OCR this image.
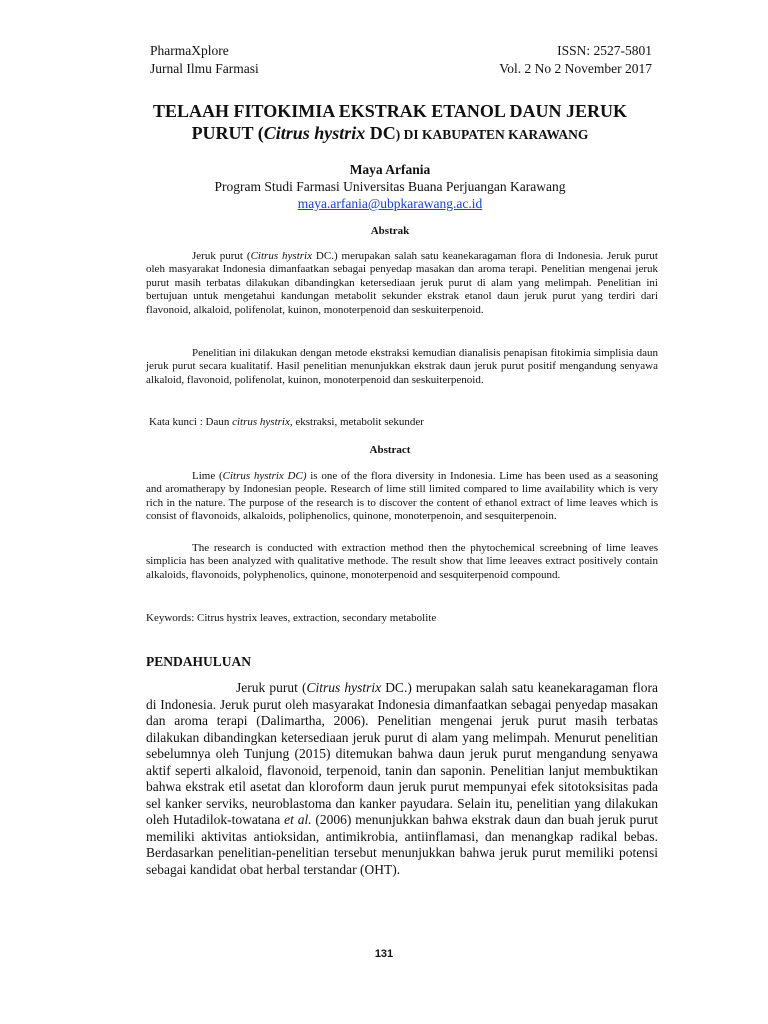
PharmaXplore
Jurnal Ilmu Farmasi
ISSN: 2527-5801
Vol. 2 No 2 November 2017
TELAAH FITOKIMIA EKSTRAK ETANOL DAUN JERUK
PURUT (Citrus hystrix DC) DI KABUPATEN KARAWANG
Maya Arfania
Program Studi Farmasi Universitas Buana Perjuangan Karawang
maya.arfania@ubpkarawang.ac.id
Abstrak
Jeruk purut (Citrus hystrix DC.) merupakan salah satu keanekaragaman flora di Indonesia. Jeruk purut oleh masyarakat Indonesia dimanfaatkan sebagai penyedap masakan dan aroma terapi. Penelitian mengenai jeruk purut masih terbatas dilakukan dibandingkan ketersediaan jeruk purut di alam yang melimpah. Penelitian ini bertujuan untuk mengetahui kandungan metabolit sekunder ekstrak etanol daun jeruk purut yang terdiri dari flavonoid, alkaloid, polifenolat, kuinon, monoterpenoid dan seskuiterpenoid.
Penelitian ini dilakukan dengan metode ekstraksi kemudian dianalisis penapisan fitokimia simplisia daun jeruk purut secara kualitatif. Hasil penelitian menunjukkan ekstrak daun jeruk purut positif mengandung senyawa alkaloid, flavonoid, polifenolat, kuinon, monoterpenoid dan seskuiterpenoid.
Kata kunci : Daun citrus hystrix, ekstraksi, metabolit sekunder
Abstract
Lime (Citrus hystrix DC) is one of the flora diversity in Indonesia. Lime has been used as a seasoning and aromatherapy by Indonesian people. Research of lime still limited compared to lime availability which is very rich in the nature. The purpose of the research is to discover the content of ethanol extract of lime leaves which is consist of flavonoids, alkaloids, poliphenolics, quinone, monoterpenoin, and sesquiterpenoin.
The research is conducted with extraction method then the phytochemical screebning of lime leaves simplicia has been analyzed with qualitative methode. The result show that lime leeaves extract positively contain alkaloids, flavonoids, polyphenolics, quinone, monoterpenoid and sesquiterpenoid compound.
Keywords: Citrus hystrix leaves, extraction, secondary metabolite
PENDAHULUAN
Jeruk purut (Citrus hystrix DC.) merupakan salah satu keanekaragaman flora di Indonesia. Jeruk purut oleh masyarakat Indonesia dimanfaatkan sebagai penyedap masakan dan aroma terapi (Dalimartha, 2006). Penelitian mengenai jeruk purut masih terbatas dilakukan dibandingkan ketersediaan jeruk purut di alam yang melimpah. Menurut penelitian sebelumnya oleh Tunjung (2015) ditemukan bahwa daun jeruk purut mengandung senyawa aktif seperti alkaloid, flavonoid, terpenoid, tanin dan saponin. Penelitian lanjut membuktikan bahwa ekstrak etil asetat dan kloroform daun jeruk purut mempunyai efek sitotoksisitas pada sel kanker serviks, neuroblastoma dan kanker payudara. Selain itu, penelitian yang dilakukan oleh Hutadilok-towatana et al. (2006) menunjukkan bahwa ekstrak daun dan buah jeruk purut memiliki aktivitas antioksidan, antimikrobia, antiinflamasi, dan menangkap radikal bebas. Berdasarkan penelitian-penelitian tersebut menunjukkan bahwa jeruk purut memiliki potensi sebagai kandidat obat herbal terstandar (OHT).
131
